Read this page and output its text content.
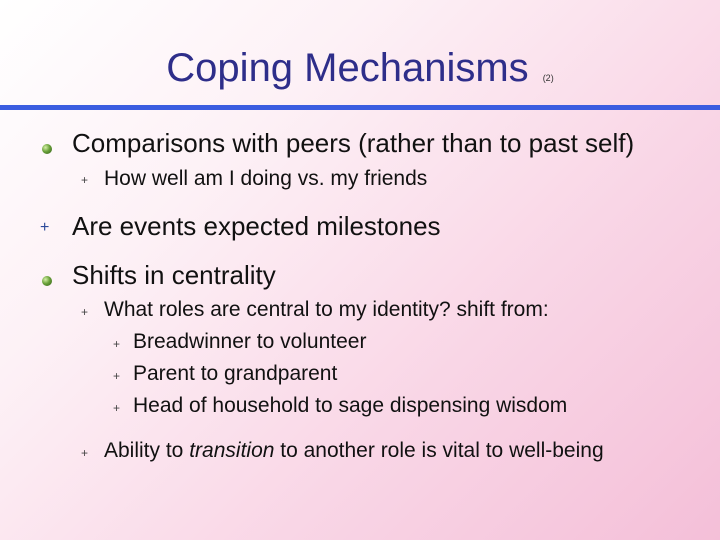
Coping Mechanisms (2)
Comparisons with peers (rather than to past self)
+ How well am I doing vs. my friends
+ Are events expected milestones
Shifts in centrality
+ What roles are central to my identity? shift from:
+ Breadwinner to volunteer
+ Parent to grandparent
+ Head of household to sage dispensing wisdom
+ Ability to transition to another role is vital to well-being
